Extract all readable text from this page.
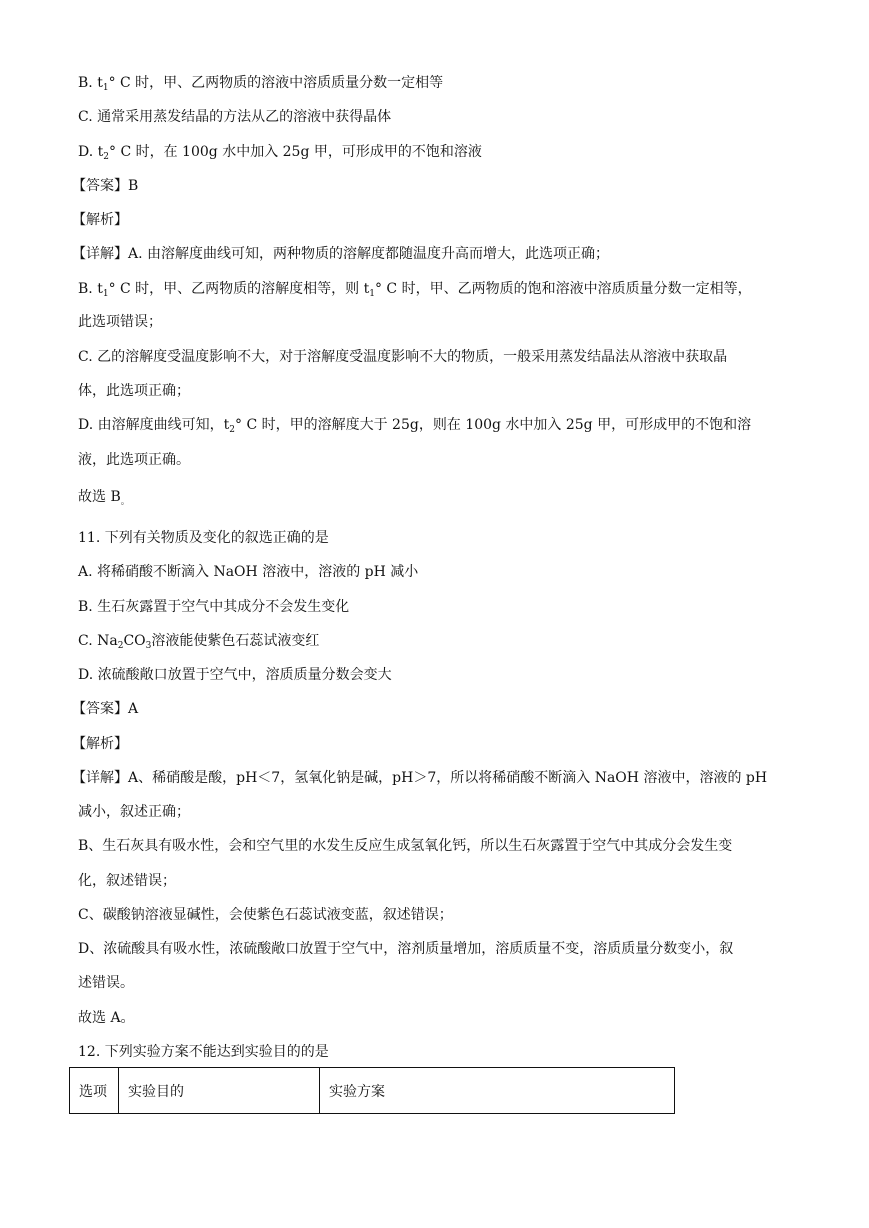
B. $t_1^\circ$ C 时，甲、乙两物质的溶液中溶质质量分数一定相等
C. 通常采用蒸发结晶的方法从乙的溶液中获得晶体
D. $t_2^\circ$ C 时，在 100g 水中加入 25g 甲，可形成甲的不饱和溶液
【答案】B
【解析】
【详解】A. 由溶解度曲线可知，两种物质的溶解度都随温度升高而增大，此选项正确；
B. $t_1^\circ$ C 时，甲、乙两物质的溶解度相等，则 $t_1^\circ$ C 时，甲、乙两物质的饱和溶液中溶质质量分数一定相等，
此选项错误；
C. 乙的溶解度受温度影响不大，对于溶解度受温度影响不大的物质，一般采用蒸发结晶法从溶液中获取晶
体，此选项正确；
D. 由溶解度曲线可知，$t_2^\circ$ C 时，甲的溶解度大于 25g，则在 100g 水中加入 25g 甲，可形成甲的不饱和溶
液，此选项正确。
故选 $B_。$
11. 下列有关物质及变化的叙选正确的是
A. 将稀硝酸不断滴入 NaOH 溶液中，溶液的 pH 减小
B. 生石灰露置于空气中其成分不会发生变化
C. $Na_2CO_3$溶液能使紫色石蕊试液变红
D. 浓硫酸敞口放置于空气中，溶质质量分数会变大
【答案】A
【解析】
【详解】A、稀硝酸是酸，pH＜7，氢氧化钠是碱，pH＞7，所以将稀硝酸不断滴入 NaOH 溶液中，溶液的 pH
减小，叙述正确；
B、生石灰具有吸水性，会和空气里的水发生反应生成氢氧化钙，所以生石灰露置于空气中其成分会发生变
化，叙述错误；
C、碳酸钠溶液显碱性，会使紫色石蕊试液变蓝，叙述错误；
D、浓硫酸具有吸水性，浓硫酸敞口放置于空气中，溶剂质量增加，溶质质量不变，溶质质量分数变小，叙
述错误。
故选 A。
12. 下列实验方案不能达到实验目的的是
选项	实验目的	实验方案
